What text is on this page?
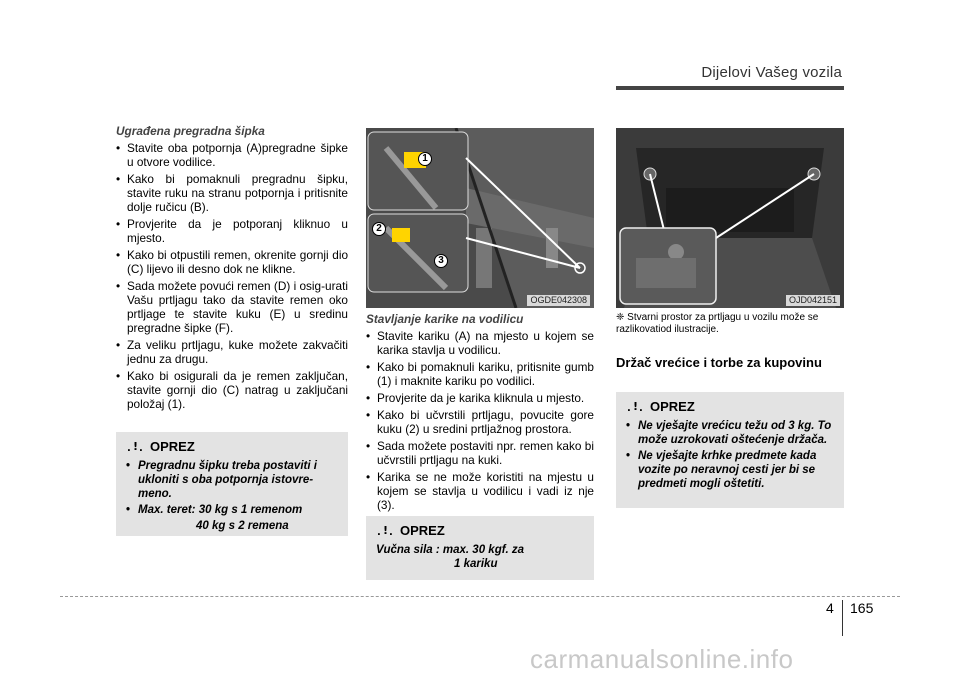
Dijelovi Vašeg vozila
Ugrađena pregradna šipka
• Stavite oba potpornja (A)pregradne šipke u otvore vodilice.
• Kako bi pomaknuli pregradnu šipku, stavite ruku na stranu potpornja i pritisnite dolje ručicu (B).
• Provjerite da je potporanj kliknuo u mjesto.
• Kako bi otpustili remen, okrenite gornji dio (C) lijevo ili desno dok ne klikne.
• Sada možete povući remen (D) i osig-urati Vašu prtljagu tako da stavite remen oko prtljage te stavite kuku (E) u sredinu pregradne šipke (F).
• Za veliku prtljagu, kuke možete zakvačiti jednu za drugu.
• Kako bi osigurali da je remen zaključan, stavite gornji dio (C) natrag u zaključani položaj (1).
. ! . OPREZ
• Pregradnu šipku treba postaviti i ukloniti s oba potpornja istovre-meno.
• Max. teret: 30 kg s 1 remenom
40 kg s 2 remena
1
2
3
OGDE042308
Stavljanje karike na vodilicu
• Stavite kariku (A) na mjesto u kojem se karika stavlja u vodilicu.
• Kako bi pomaknuli kariku, pritisnite gumb (1) i maknite kariku po vodilici.
• Provjerite da je karika kliknula u mjesto.
• Kako bi učvrstili prtljagu, povucite gore kuku (2) u sredini prtljažnog prostora.
• Sada možete postaviti npr. remen kako bi učvrstili prtljagu na kuki.
• Karika se ne može koristiti na mjestu u kojem se stavlja u vodilicu i vadi iz nje (3).
. ! . OPREZ
Vučna sila : max. 30 kgf. za
1 kariku
OJD042151
❈ Stvarni prostor za prtljagu u vozilu može se razlikovatiod ilustracije.
Držač vrećice i torbe za kupovinu
. ! . OPREZ
• Ne vješajte vrećicu težu od 3 kg. To može uzrokovati oštećenje držača.
• Ne vješajte krhke predmete kada vozite po neravnoj cesti jer bi se predmeti mogli oštetiti.
4 165
carmanualsonline.info
